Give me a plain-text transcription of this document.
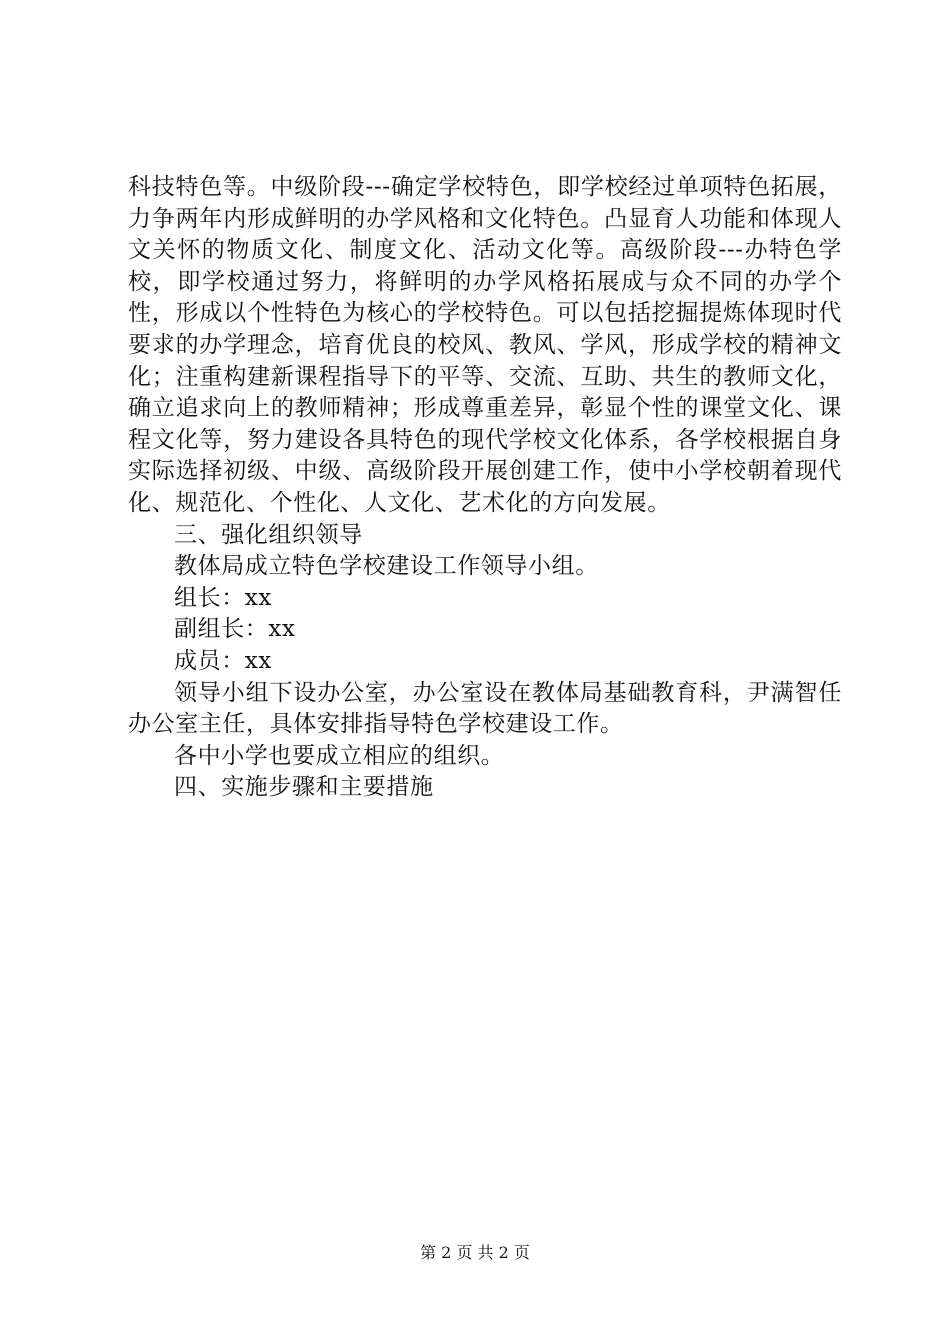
科技特色等。中级阶段---确定学校特色，即学校经过单项特色拓展，力争两年内形成鲜明的办学风格和文化特色。凸显育人功能和体现人文关怀的物质文化、制度文化、活动文化等。高级阶段---办特色学校，即学校通过努力，将鲜明的办学风格拓展成与众不同的办学个性，形成以个性特色为核心的学校特色。可以包括挖掘提炼体现时代要求的办学理念，培育优良的校风、教风、学风，形成学校的精神文化；注重构建新课程指导下的平等、交流、互助、共生的教师文化，确立追求向上的教师精神；形成尊重差异，彰显个性的课堂文化、课程文化等，努力建设各具特色的现代学校文化体系，各学校根据自身实际选择初级、中级、高级阶段开展创建工作，使中小学校朝着现代化、规范化、个性化、人文化、艺术化的方向发展。

三、强化组织领导

教体局成立特色学校建设工作领导小组。

组长：xx

副组长：xx

成员：xx

领导小组下设办公室，办公室设在教体局基础教育科，尹满智任办公室主任，具体安排指导特色学校建设工作。

各中小学也要成立相应的组织。

四、实施步骤和主要措施

第 2 页 共 2 页
